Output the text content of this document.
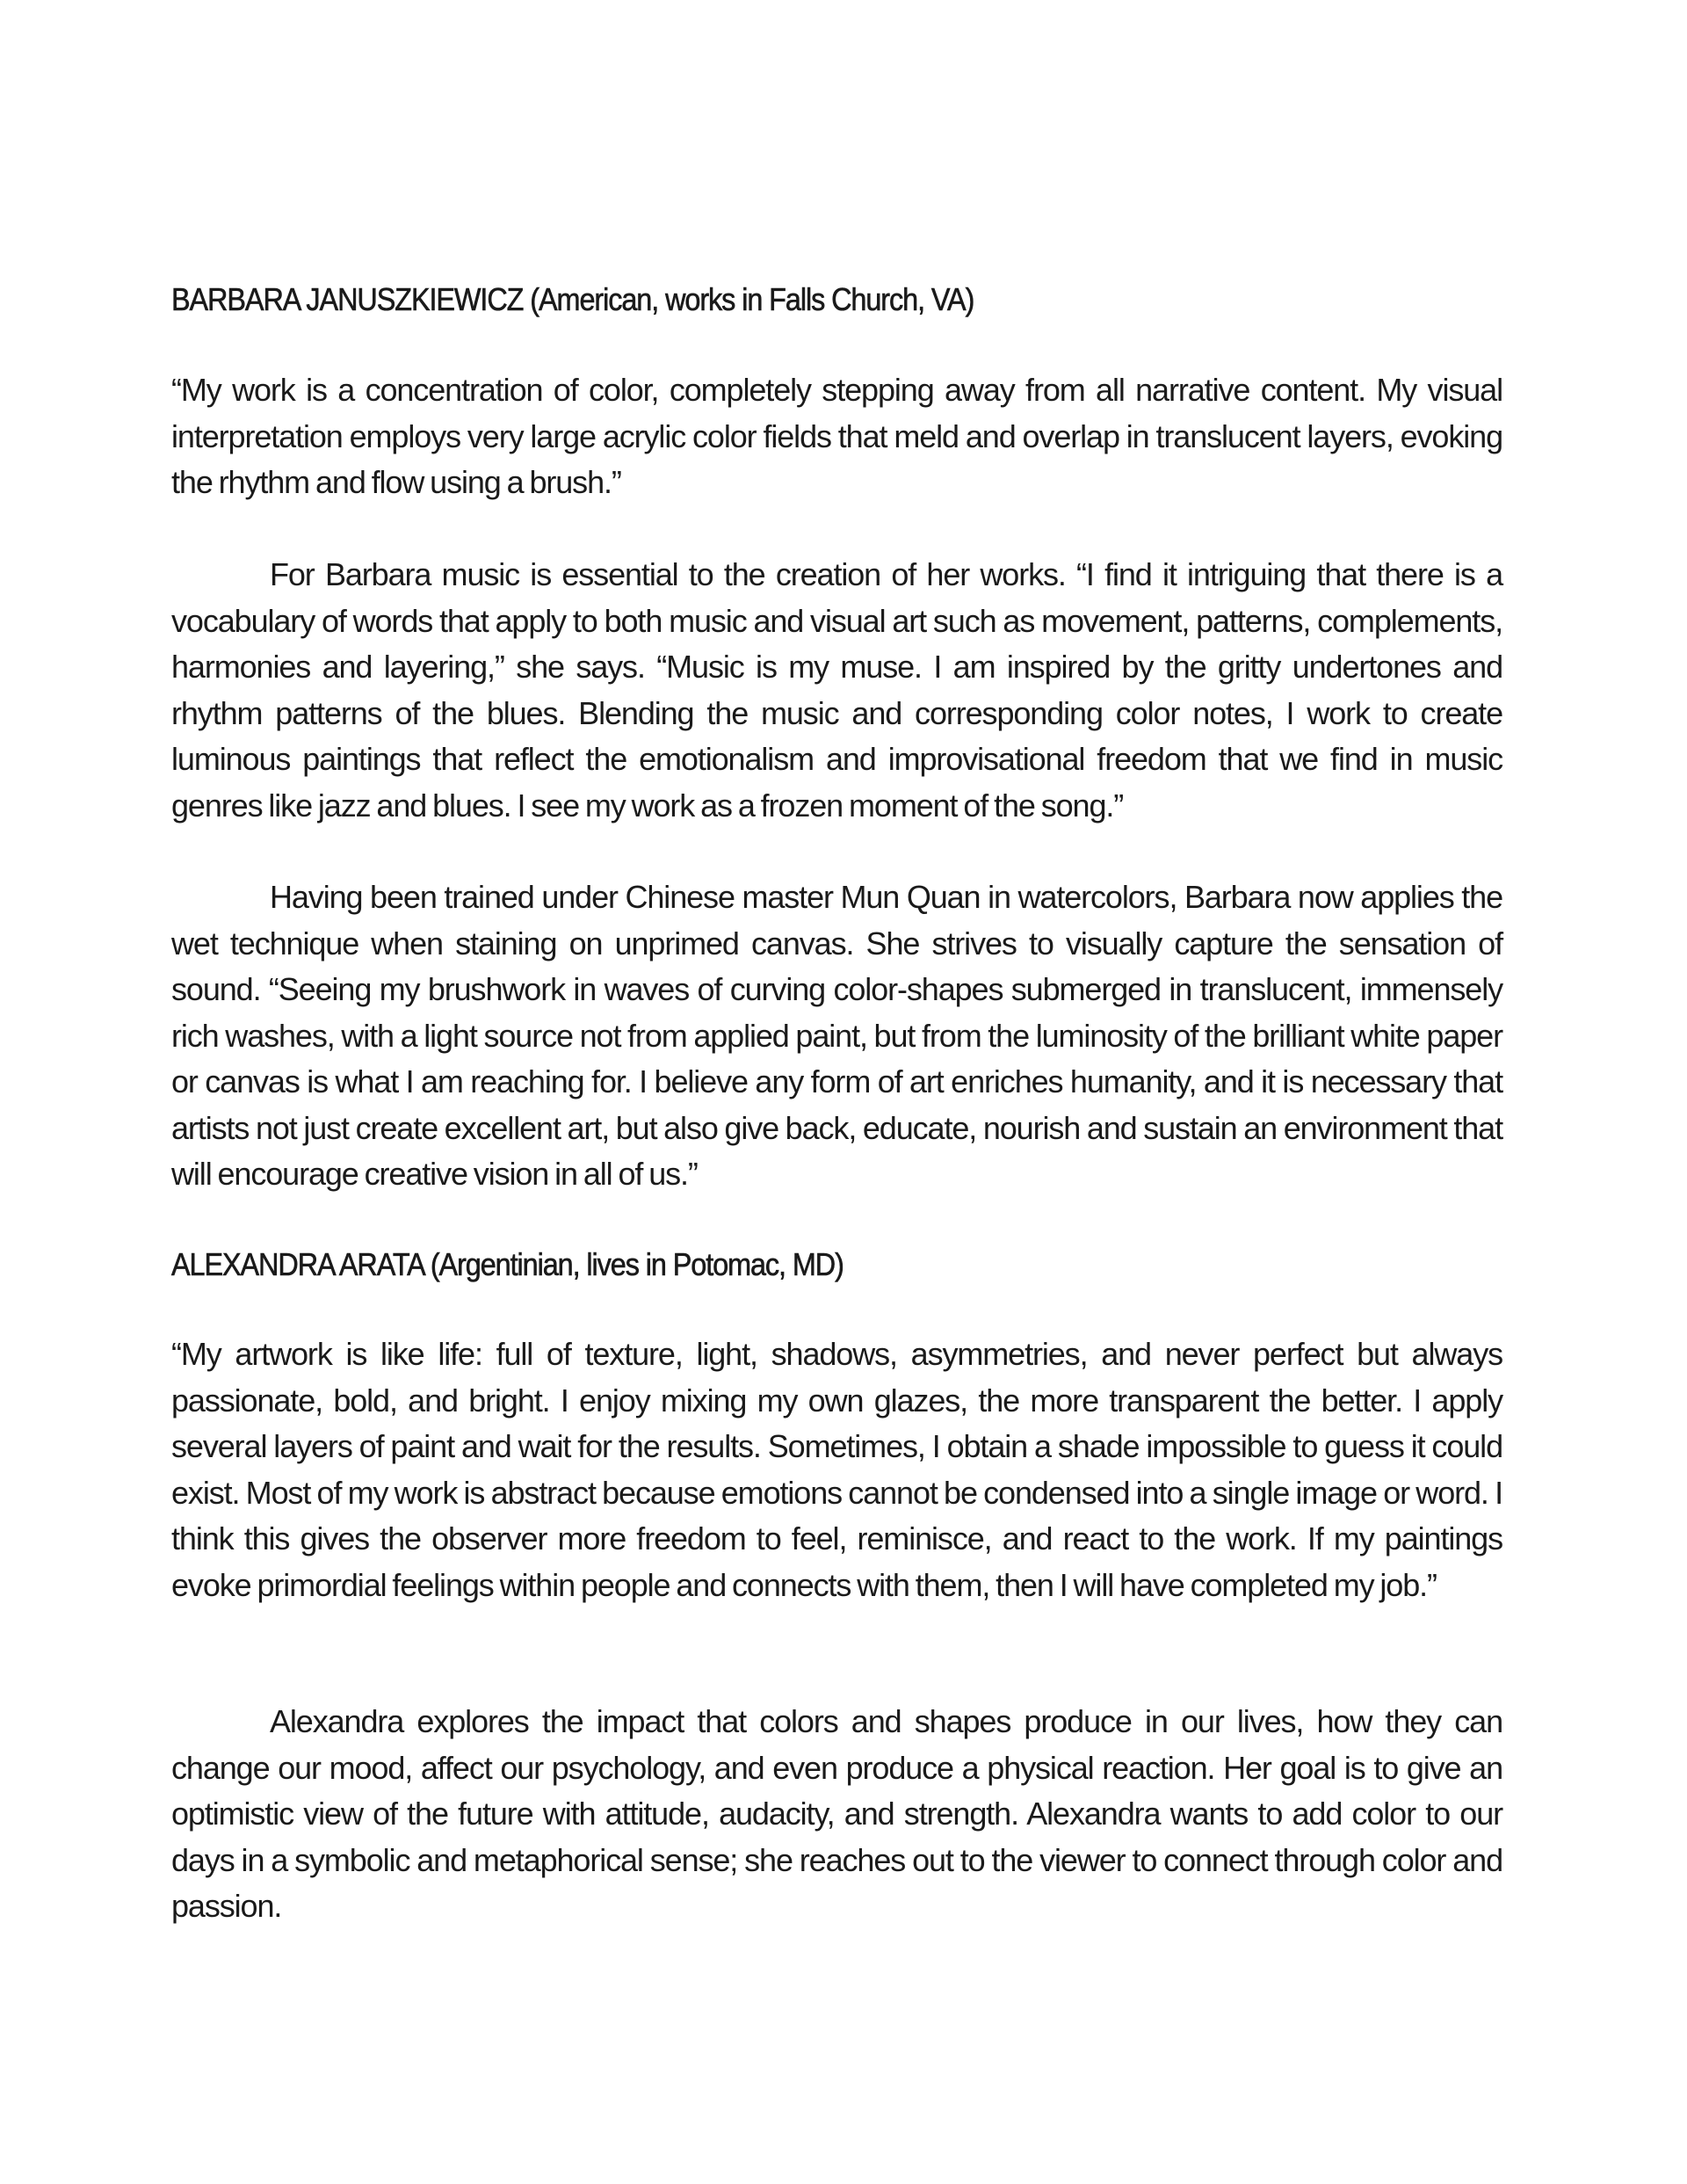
BARBARA JANUSZKIEWICZ (American, works in Falls Church, VA)

“My work is a concentration of color, completely stepping away from all narrative content. My visual interpretation employs very large acrylic color fields that meld and overlap in translucent layers, evoking the rhythm and flow using a brush.”

For Barbara music is essential to the creation of her works. “I find it intriguing that there is a vocabulary of words that apply to both music and visual art such as movement, patterns, complements, harmonies and layering,” she says. “Music is my muse. I am inspired by the gritty undertones and rhythm patterns of the blues. Blending the music and corresponding color notes, I work to create luminous paintings that reflect the emotionalism and improvisational freedom that we find in music genres like jazz and blues. I see my work as a frozen moment of the song.”

Having been trained under Chinese master Mun Quan in watercolors, Barbara now applies the wet technique when staining on unprimed canvas. She strives to visually capture the sensation of sound. “Seeing my brushwork in waves of curving color-shapes submerged in translucent, immensely rich washes, with a light source not from applied paint, but from the luminosity of the brilliant white paper or canvas is what I am reaching for. I believe any form of art enriches humanity, and it is necessary that artists not just create excellent art, but also give back, educate, nourish and sustain an environment that will encourage creative vision in all of us.”

ALEXANDRA ARATA (Argentinian, lives in Potomac, MD)

“My artwork is like life: full of texture, light, shadows, asymmetries, and never perfect but always passionate, bold, and bright. I enjoy mixing my own glazes, the more transparent the better. I apply several layers of paint and wait for the results. Sometimes, I obtain a shade impossible to guess it could exist. Most of my work is abstract because emotions cannot be condensed into a single image or word. I think this gives the observer more freedom to feel, reminisce, and react to the work. If my paintings evoke primordial feelings within people and connects with them, then I will have completed my job.”

Alexandra explores the impact that colors and shapes produce in our lives, how they can change our mood, affect our psychology, and even produce a physical reaction. Her goal is to give an optimistic view of the future with attitude, audacity, and strength. Alexandra wants to add color to our days in a symbolic and metaphorical sense; she reaches out to the viewer to connect through color and passion.
